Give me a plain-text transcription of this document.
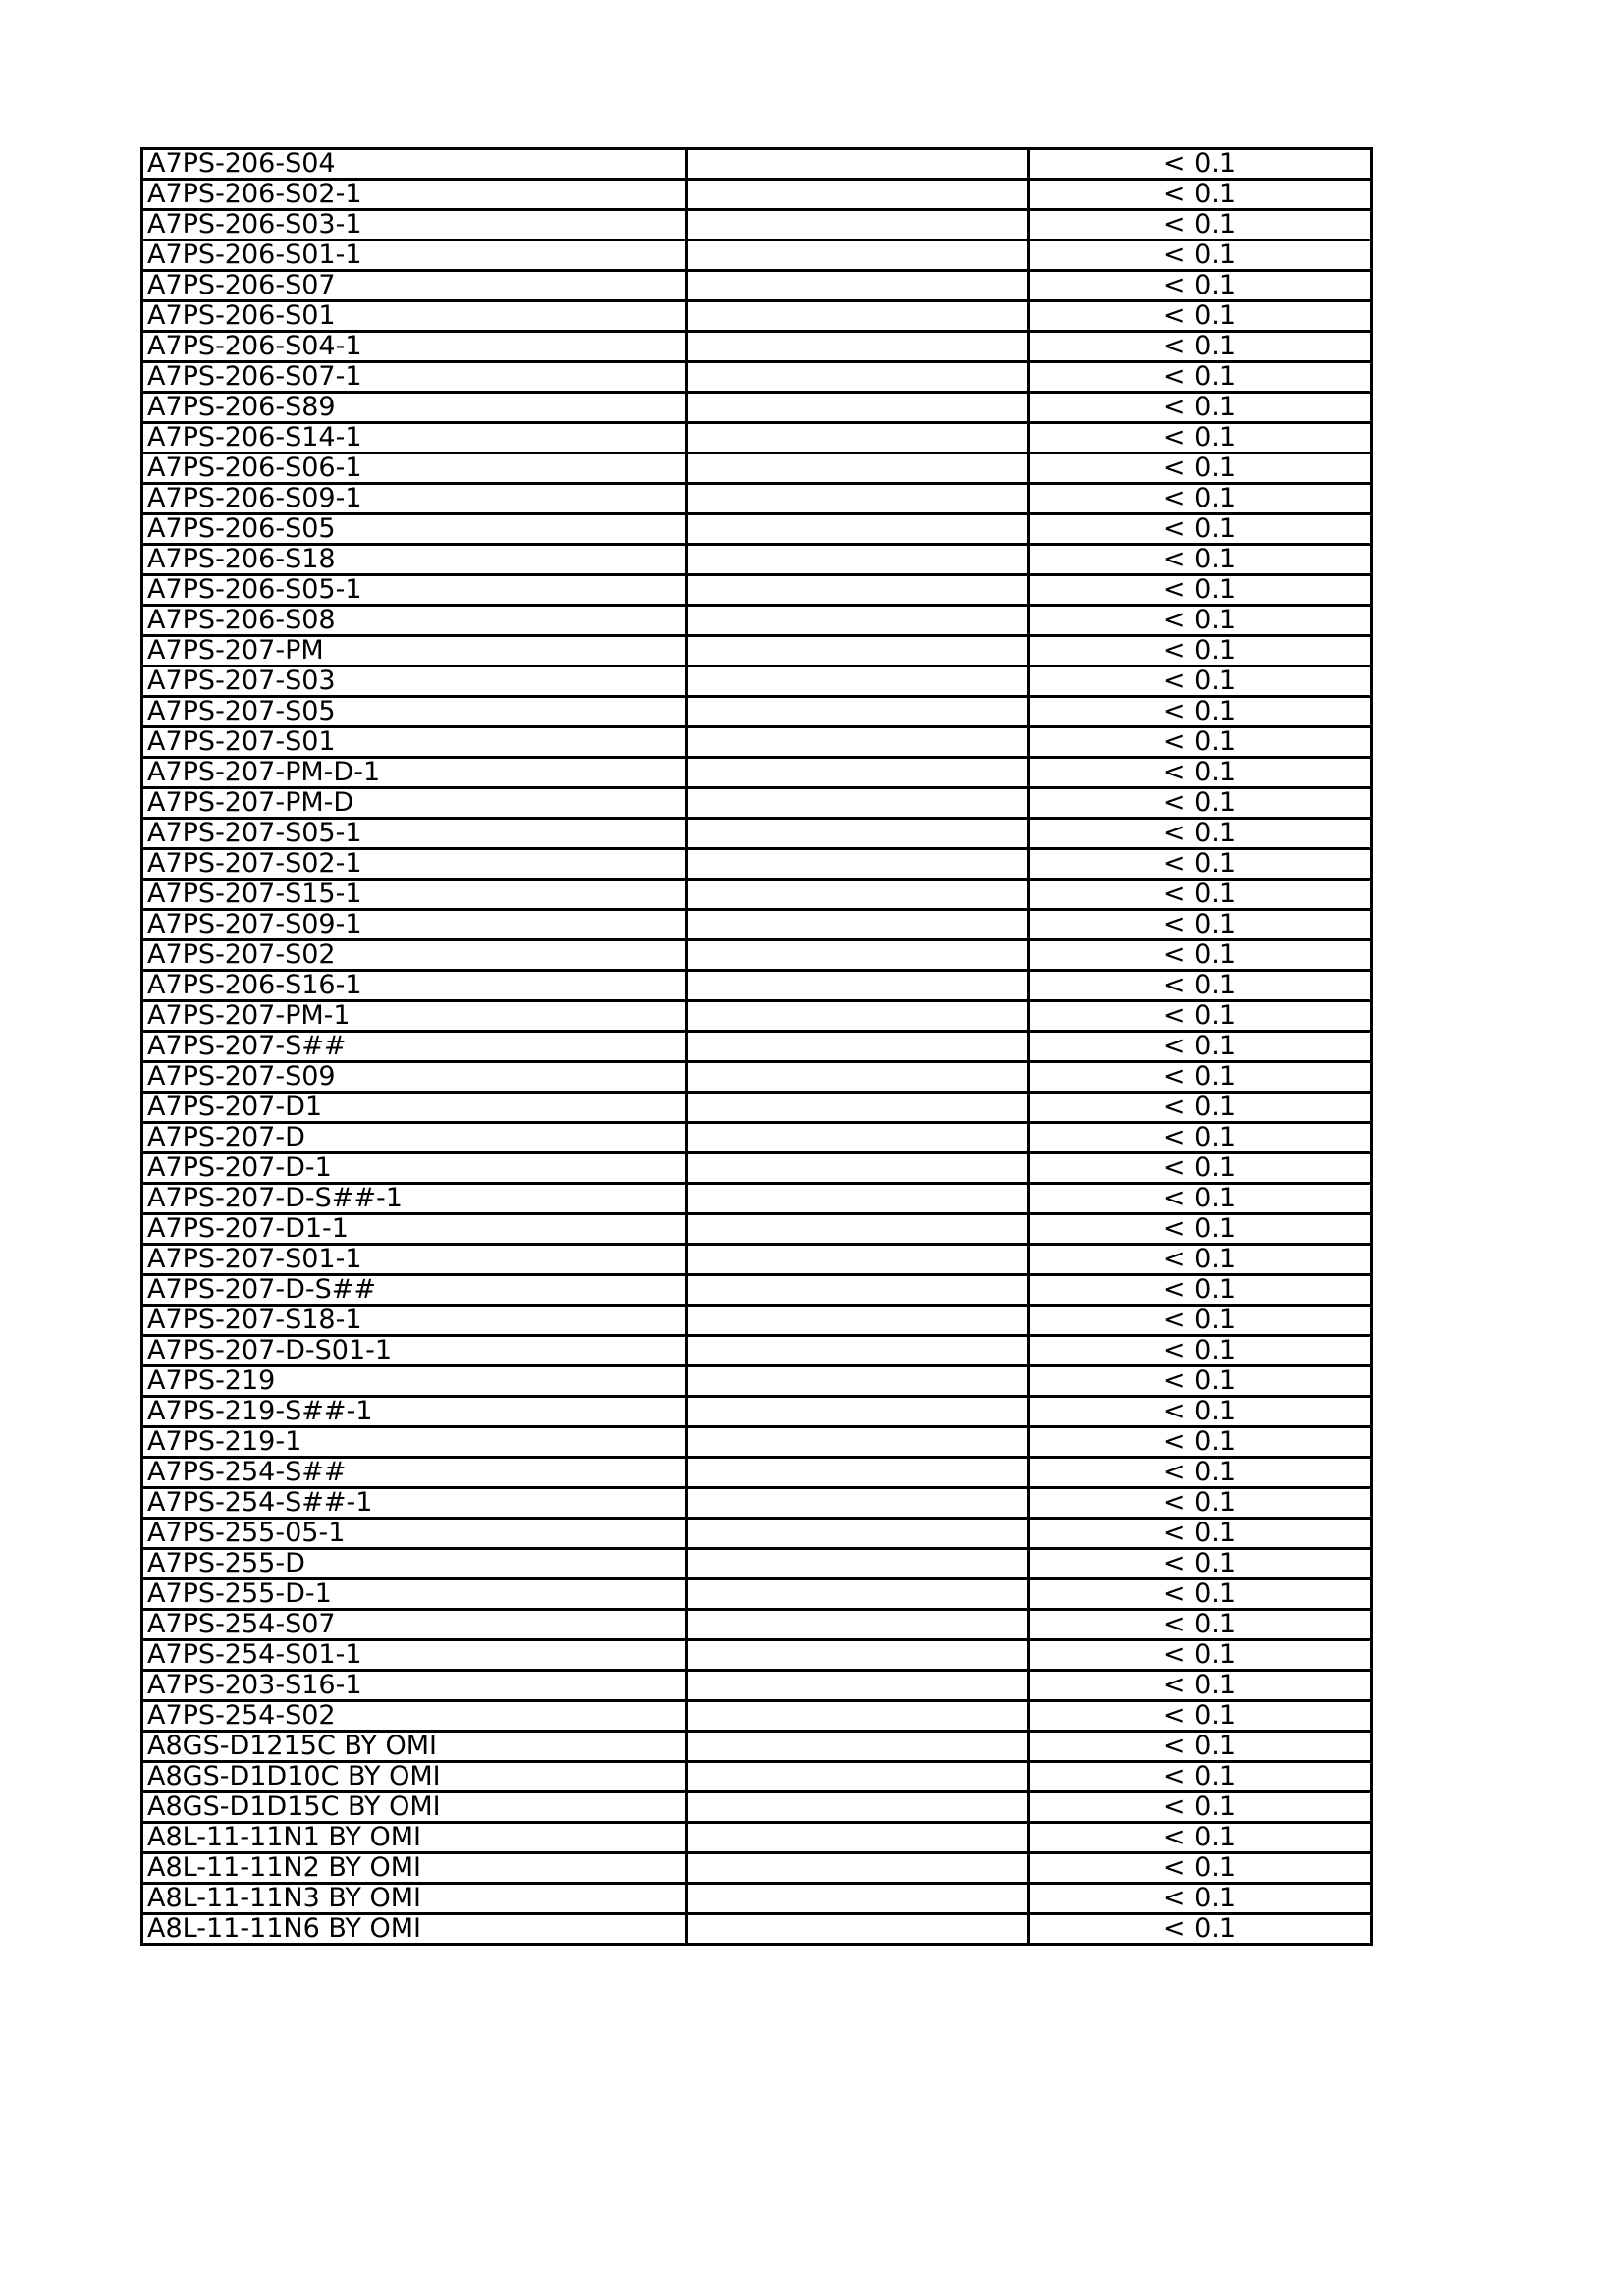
A7PS-206-S04		< 0.1
A7PS-206-S02-1		< 0.1
A7PS-206-S03-1		< 0.1
A7PS-206-S01-1		< 0.1
A7PS-206-S07		< 0.1
A7PS-206-S01		< 0.1
A7PS-206-S04-1		< 0.1
A7PS-206-S07-1		< 0.1
A7PS-206-S89		< 0.1
A7PS-206-S14-1		< 0.1
A7PS-206-S06-1		< 0.1
A7PS-206-S09-1		< 0.1
A7PS-206-S05		< 0.1
A7PS-206-S18		< 0.1
A7PS-206-S05-1		< 0.1
A7PS-206-S08		< 0.1
A7PS-207-PM		< 0.1
A7PS-207-S03		< 0.1
A7PS-207-S05		< 0.1
A7PS-207-S01		< 0.1
A7PS-207-PM-D-1		< 0.1
A7PS-207-PM-D		< 0.1
A7PS-207-S05-1		< 0.1
A7PS-207-S02-1		< 0.1
A7PS-207-S15-1		< 0.1
A7PS-207-S09-1		< 0.1
A7PS-207-S02		< 0.1
A7PS-206-S16-1		< 0.1
A7PS-207-PM-1		< 0.1
A7PS-207-S##		< 0.1
A7PS-207-S09		< 0.1
A7PS-207-D1		< 0.1
A7PS-207-D		< 0.1
A7PS-207-D-1		< 0.1
A7PS-207-D-S##-1		< 0.1
A7PS-207-D1-1		< 0.1
A7PS-207-S01-1		< 0.1
A7PS-207-D-S##		< 0.1
A7PS-207-S18-1		< 0.1
A7PS-207-D-S01-1		< 0.1
A7PS-219		< 0.1
A7PS-219-S##-1		< 0.1
A7PS-219-1		< 0.1
A7PS-254-S##		< 0.1
A7PS-254-S##-1		< 0.1
A7PS-255-05-1		< 0.1
A7PS-255-D		< 0.1
A7PS-255-D-1		< 0.1
A7PS-254-S07		< 0.1
A7PS-254-S01-1		< 0.1
A7PS-203-S16-1		< 0.1
A7PS-254-S02		< 0.1
A8GS-D1215C BY OMI		< 0.1
A8GS-D1D10C BY OMI		< 0.1
A8GS-D1D15C BY OMI		< 0.1
A8L-11-11N1 BY OMI		< 0.1
A8L-11-11N2 BY OMI		< 0.1
A8L-11-11N3 BY OMI		< 0.1
A8L-11-11N6 BY OMI		< 0.1
